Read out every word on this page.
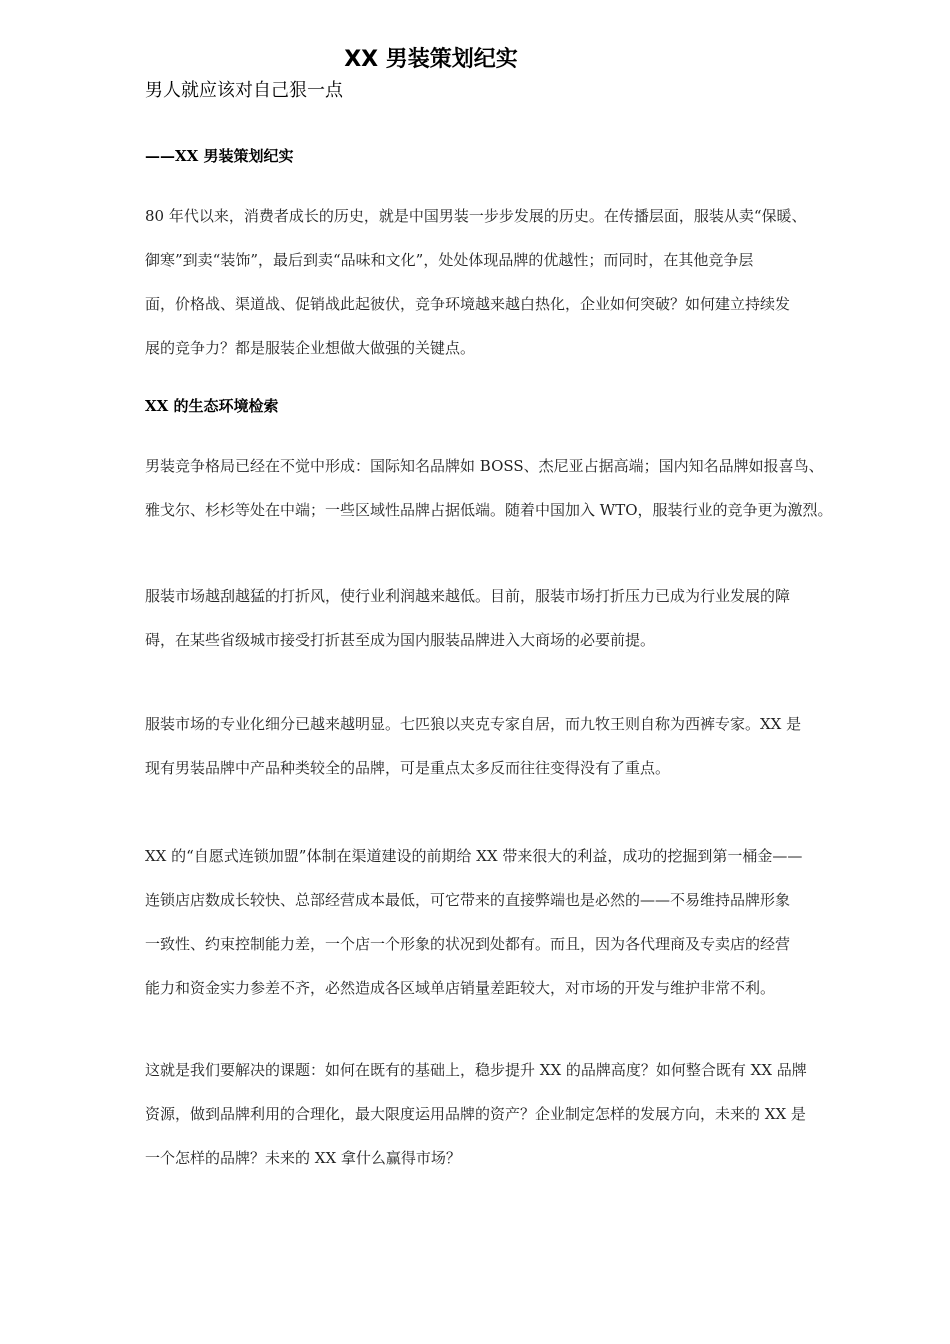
XX 男装策划纪实
男人就应该对自己狠一点
——XX 男装策划纪实
80 年代以来，消费者成长的历史，就是中国男装一步步发展的历史。在传播层面，服装从卖“保暖、
御寒”到卖“装饰”，最后到卖“品味和文化”，处处体现品牌的优越性；而同时，在其他竞争层
面，价格战、渠道战、促销战此起彼伏，竞争环境越来越白热化，企业如何突破？如何建立持续发
展的竞争力？都是服装企业想做大做强的关键点。
XX 的生态环境检索
男装竞争格局已经在不觉中形成：国际知名品牌如 BOSS、杰尼亚占据高端；国内知名品牌如报喜鸟、
雅戈尔、杉杉等处在中端；一些区域性品牌占据低端。随着中国加入 WTO，服装行业的竞争更为激烈。
服装市场越刮越猛的打折风，使行业利润越来越低。目前，服装市场打折压力已成为行业发展的障
碍，在某些省级城市接受打折甚至成为国内服装品牌进入大商场的必要前提。
服装市场的专业化细分已越来越明显。七匹狼以夹克专家自居，而九牧王则自称为西裤专家。XX 是
现有男装品牌中产品种类较全的品牌，可是重点太多反而往往变得没有了重点。
XX 的“自愿式连锁加盟”体制在渠道建设的前期给 XX 带来很大的利益，成功的挖掘到第一桶金——
连锁店店数成长较快、总部经营成本最低，可它带来的直接弊端也是必然的——不易维持品牌形象
一致性、约束控制能力差，一个店一个形象的状况到处都有。而且，因为各代理商及专卖店的经营
能力和资金实力参差不齐，必然造成各区域单店销量差距较大，对市场的开发与维护非常不利。
这就是我们要解决的课题：如何在既有的基础上，稳步提升 XX 的品牌高度？如何整合既有 XX 品牌
资源，做到品牌利用的合理化，最大限度运用品牌的资产？企业制定怎样的发展方向，未来的 XX 是
一个怎样的品牌？未来的 XX 拿什么赢得市场？
